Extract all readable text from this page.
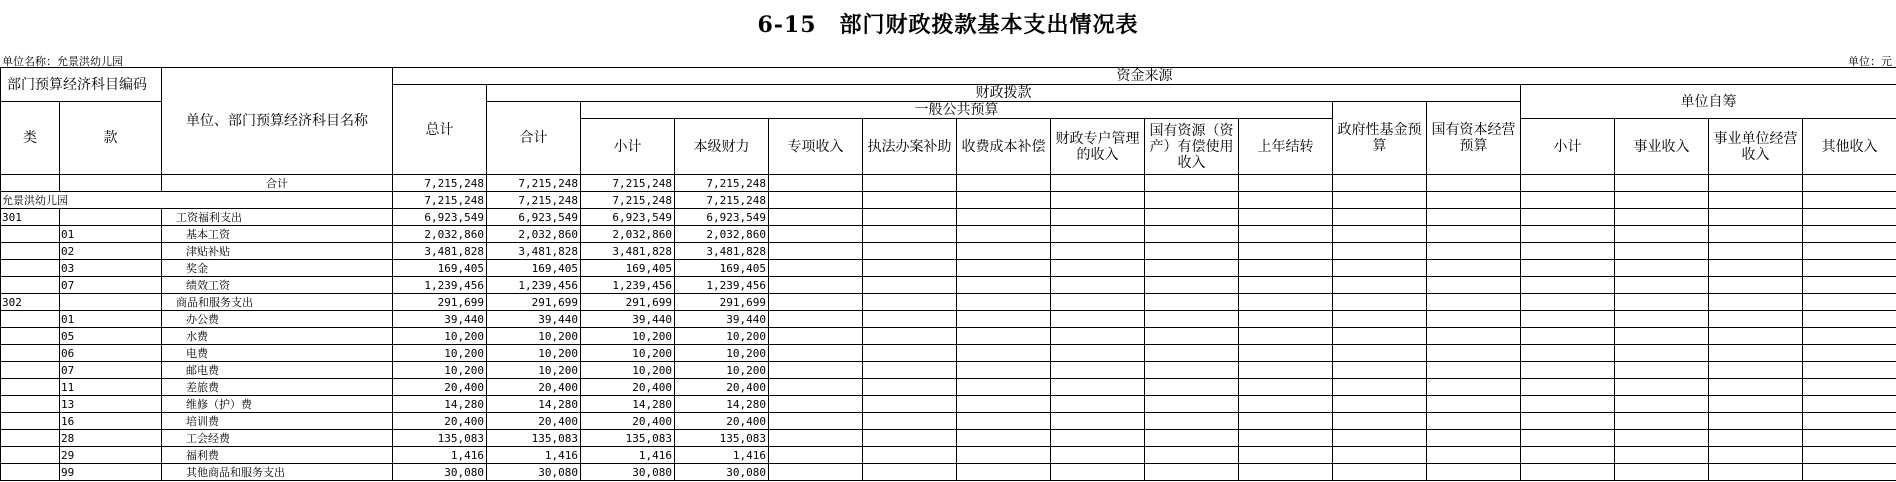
6-15　部门财政拨款基本支出情况表
单位名称：允景洪幼儿园	单位：元
部门预算经济科目编码		单位、部门预算经济科目名称	资金来源															
			总计	财政拨款											单位自筹			
类	款			合计	一般公共预算								政府性基金预算	国有资本经营预算				
					小计	本级财力	专项收入	执法办案补助	收费成本补偿	财政专户管理的收入	国有资源（资产）有偿使用收入	上年结转			小计	事业收入	事业单位经营收入	其他收入
		合计	7,215,248	7,215,248	7,215,248	7,215,248												
允景洪幼儿园			7,215,248	7,215,248	7,215,248	7,215,248												
301		工资福利支出	6,923,549	6,923,549	6,923,549	6,923,549												
	01	基本工资	2,032,860	2,032,860	2,032,860	2,032,860												
	02	津贴补贴	3,481,828	3,481,828	3,481,828	3,481,828												
	03	奖金	169,405	169,405	169,405	169,405												
	07	绩效工资	1,239,456	1,239,456	1,239,456	1,239,456												
302		商品和服务支出	291,699	291,699	291,699	291,699												
	01	办公费	39,440	39,440	39,440	39,440												
	05	水费	10,200	10,200	10,200	10,200												
	06	电费	10,200	10,200	10,200	10,200												
	07	邮电费	10,200	10,200	10,200	10,200												
	11	差旅费	20,400	20,400	20,400	20,400												
	13	维修（护）费	14,280	14,280	14,280	14,280												
	16	培训费	20,400	20,400	20,400	20,400												
	28	工会经费	135,083	135,083	135,083	135,083												
	29	福利费	1,416	1,416	1,416	1,416												
	99	其他商品和服务支出	30,080	30,080	30,080	30,080												
